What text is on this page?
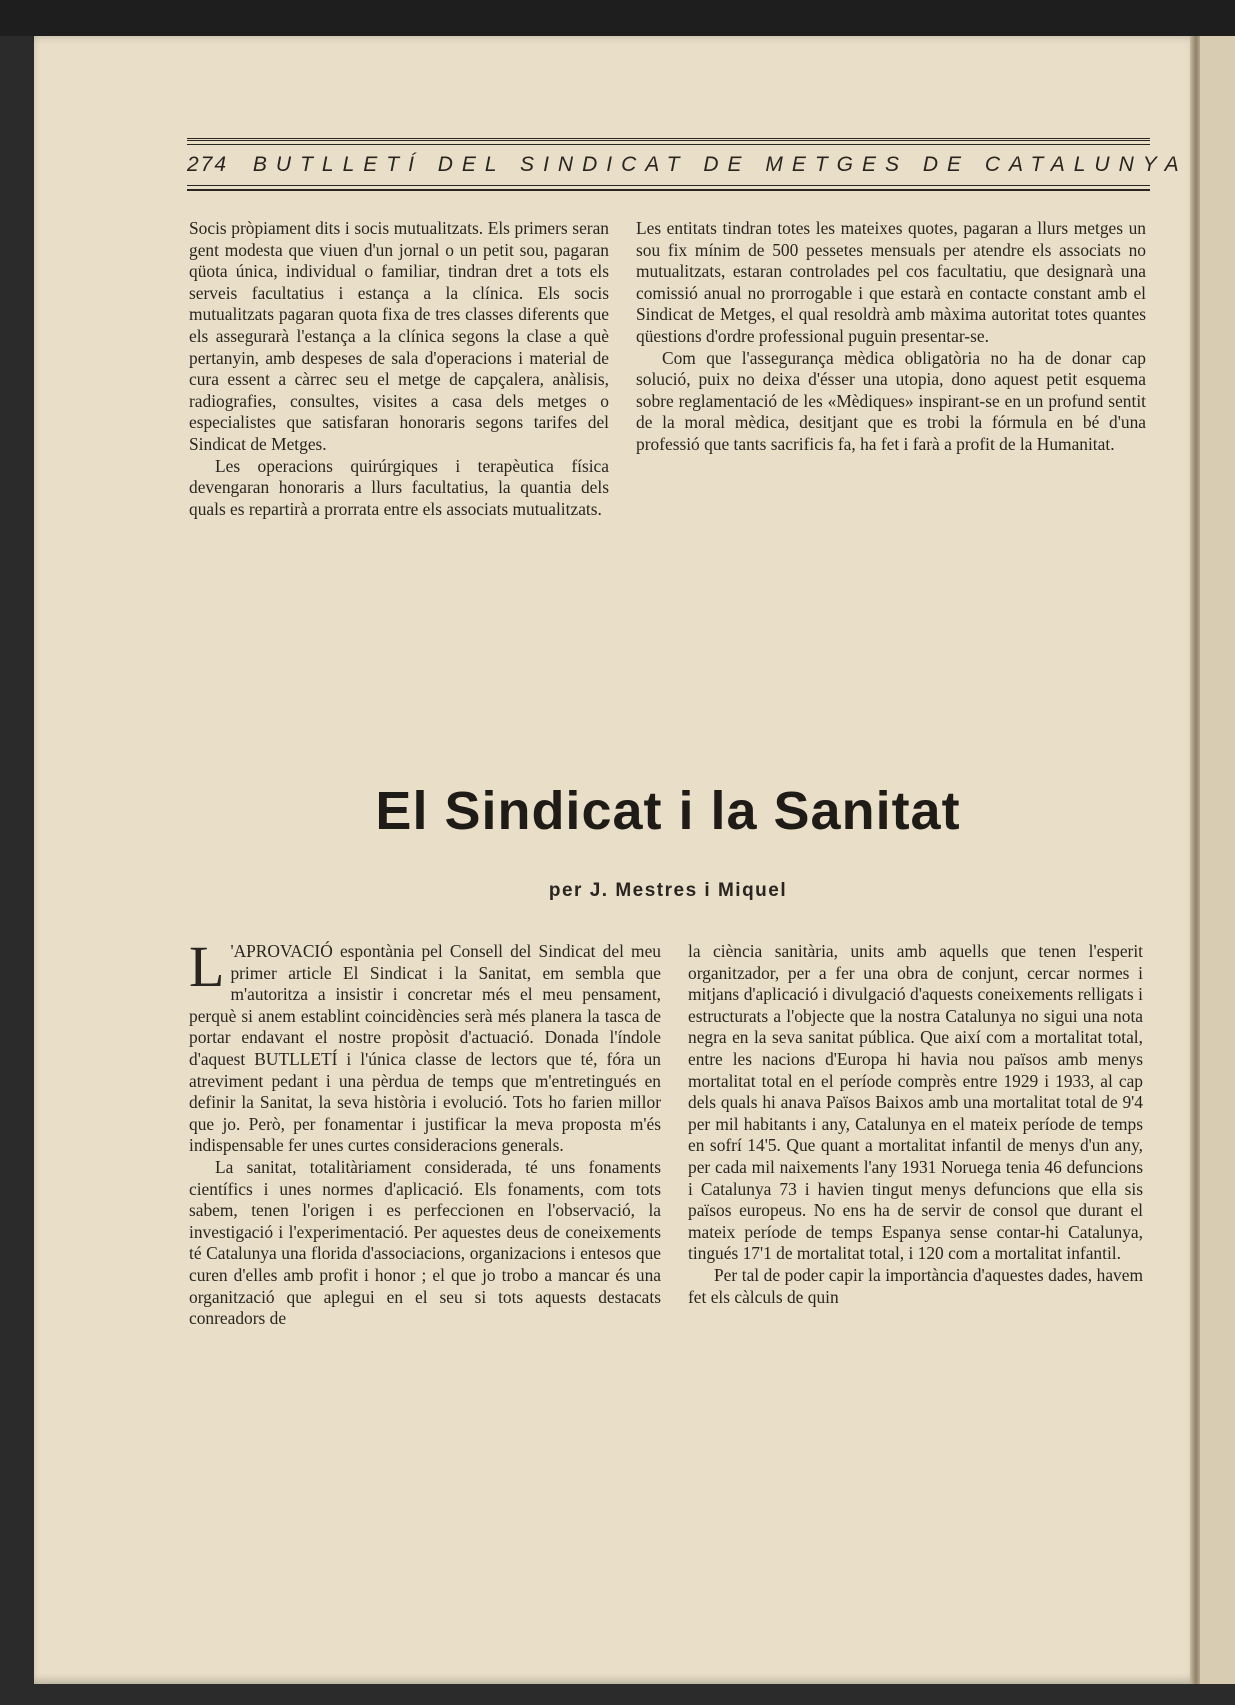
274 BUTLLETÍ DEL SINDICAT DE METGES DE CATALUNYA

Socis pròpiament dits i socis mutualitzats. Els primers seran gent modesta que viuen d'un jornal o un petit sou, pagaran qüota única, individual o familiar, tindran dret a tots els serveis facultatius i estança a la clínica. Els socis mutualitzats pagaran quota fixa de tres classes diferents que els assegurarà l'estança a la clínica segons la clase a què pertanyin, amb despeses de sala d'operacions i material de cura essent a càrrec seu el metge de capçalera, anàlisis, radiografies, consultes, visites a casa dels metges o especialistes que satisfaran honoraris segons tarifes del Sindicat de Metges.

Les operacions quirúrgiques i terapèutica física devengaran honoraris a llurs facultatius, la quantia dels quals es repartirà a prorrata entre els associats mutualitzats.

Les entitats tindran totes les mateixes quotes, pagaran a llurs metges un sou fix mínim de 500 pessetes mensuals per atendre els associats no mutualitzats, estaran controlades pel cos facultatiu, que designarà una comissió anual no prorrogable i que estarà en contacte constant amb el Sindicat de Metges, el qual resoldrà amb màxima autoritat totes quantes qüestions d'ordre professional puguin presentar-se.

Com que l'assegurança mèdica obligatòria no ha de donar cap solució, puix no deixa d'ésser una utopia, dono aquest petit esquema sobre reglamentació de les «Mèdiques» inspirant-se en un profund sentit de la moral mèdica, desitjant que es trobi la fórmula en bé d'una professió que tants sacrificis fa, ha fet i farà a profit de la Humanitat.

El Sindicat i la Sanitat
per J. Mestres i Miquel

L 'APROVACIÓ espontània pel Consell del Sindicat del meu primer article El Sindicat i la Sanitat, em sembla que m'autoritza a insistir i concretar més el meu pensament, perquè si anem establint coincidències serà més planera la tasca de portar endavant el nostre propòsit d'actuació. Donada l'índole d'aquest BUTLLETÍ i l'única classe de lectors que té, fóra un atreviment pedant i una pèrdua de temps que m'entretingués en definir la Sanitat, la seva història i evolució. Tots ho farien millor que jo. Però, per fonamentar i justificar la meva proposta m'és indispensable fer unes curtes consideracions generals.

La sanitat, totalitàriament considerada, té uns fonaments científics i unes normes d'aplicació. Els fonaments, com tots sabem, tenen l'origen i es perfeccionen en l'observació, la investigació i l'experimentació. Per aquestes deus de coneixements té Catalunya una florida d'associacions, organizacions i entesos que curen d'elles amb profit i honor ; el que jo trobo a mancar és una organització que aplegui en el seu si tots aquests destacats conreadors de

la ciència sanitària, units amb aquells que tenen l'esperit organitzador, per a fer una obra de conjunt, cercar normes i mitjans d'aplicació i divulgació d'aquests coneixements relligats i estructurats a l'objecte que la nostra Catalunya no sigui una nota negra en la seva sanitat pública. Que així com a mortalitat total, entre les nacions d'Europa hi havia nou països amb menys mortalitat total en el període comprès entre 1929 i 1933, al cap dels quals hi anava Països Baixos amb una mortalitat total de 9'4 per mil habitants i any, Catalunya en el mateix període de temps en sofrí 14'5. Que quant a mortalitat infantil de menys d'un any, per cada mil naixements l'any 1931 Noruega tenia 46 defuncions i Catalunya 73 i havien tingut menys defuncions que ella sis països europeus. No ens ha de servir de consol que durant el mateix període de temps Espanya sense contar-hi Catalunya, tingués 17'1 de mortalitat total, i 120 com a mortalitat infantil.

Per tal de poder capir la importància d'aquestes dades, havem fet els càlculs de quin
